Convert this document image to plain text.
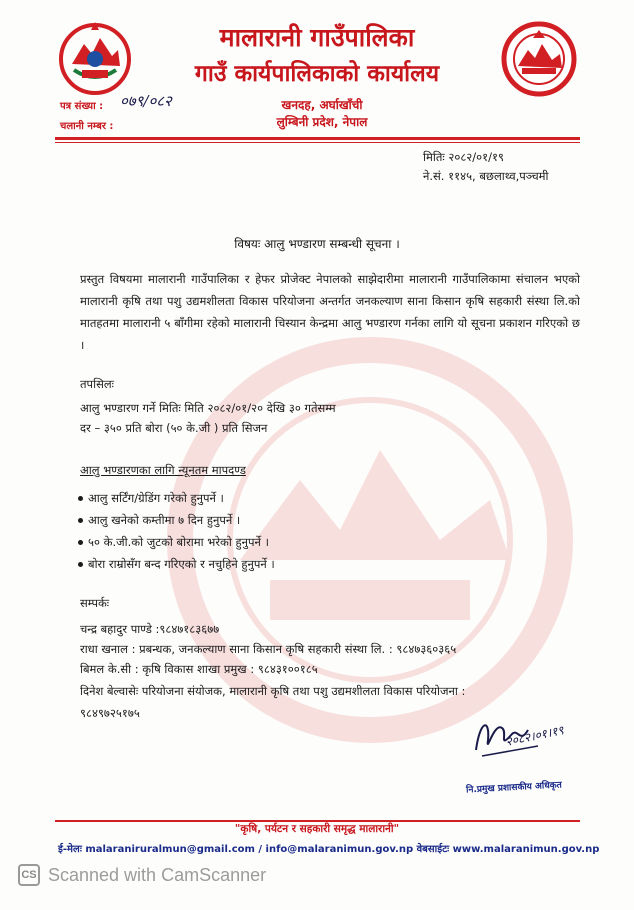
मालारानी गाउँपालिका
गाउँ कार्यपालिकाको कार्यालय
खनदह, अर्घाखाँची
लुम्बिनी प्रदेश, नेपाल
पत्र संख्या : ०७९/०८२
चलानी नम्बर :
मितिः २०८२/०१/१९
ने.सं. ११४५, बछलाथ्व,पञ्चमी
विषयः आलु भण्डारण सम्बन्धी सूचना ।
प्रस्तुत विषयमा मालारानी गाउँपालिका र हेफर प्रोजेक्ट नेपालको साझेदारीमा मालारानी गाउँपालिकामा संचालन भएको मालारानी कृषि तथा पशु उद्यमशीलता विकास परियोजना अन्तर्गत जनकल्याण साना किसान कृषि सहकारी संस्था लि.को मातहतमा मालारानी ५ बाँगीमा रहेको मालारानी चिस्यान केन्द्रमा आलु भण्डारण गर्नका लागि यो सूचना प्रकाशन गरिएको छ ।
तपसिलः
आलु भण्डारण गर्ने मितिः मिति २०८२/०१/२० देखि ३० गतेसम्म
दर – ३५० प्रति बोरा (५० के.जी ) प्रति सिजन
आलु भण्डारणका लागि न्यूनतम मापदण्ड
आलु सर्टिंग/ग्रेडिंग गरेको हुनुपर्ने ।
आलु खनेको कम्तीमा ७ दिन हुनुपर्ने ।
५० के.जी.को जुटको बोरामा भरेको हुनुपर्ने ।
बोरा राम्रोसँग बन्द गरिएको र नचुहिने हुनुपर्ने ।
सम्पर्कः
चन्द्र बहादुर पाण्डे :९८४७१८३६७७
राधा खनाल : प्रबन्धक, जनकल्याण साना किसान कृषि सहकारी संस्था लि. : ९८४७३६०३६५
बिमल के.सी : कृषि विकास शाखा प्रमुख : ९८४३१००१८५
दिनेश बेल्वासेः परियोजना संयोजक, मालारानी कृषि तथा पशु उद्यमशीलता विकास परियोजना :
९८४९७२५१७५
२०८२।०१।१९
नि.प्रमुख प्रशासकीय अधिकृत
"कृषि, पर्यटन र सहकारी समृद्ध मालारानी"
ई-मेलः malaraniruralmun@gmail.com / info@malaranimun.gov.np वेबसाईटः www.malaranimun.gov.np
CS Scanned with CamScanner
